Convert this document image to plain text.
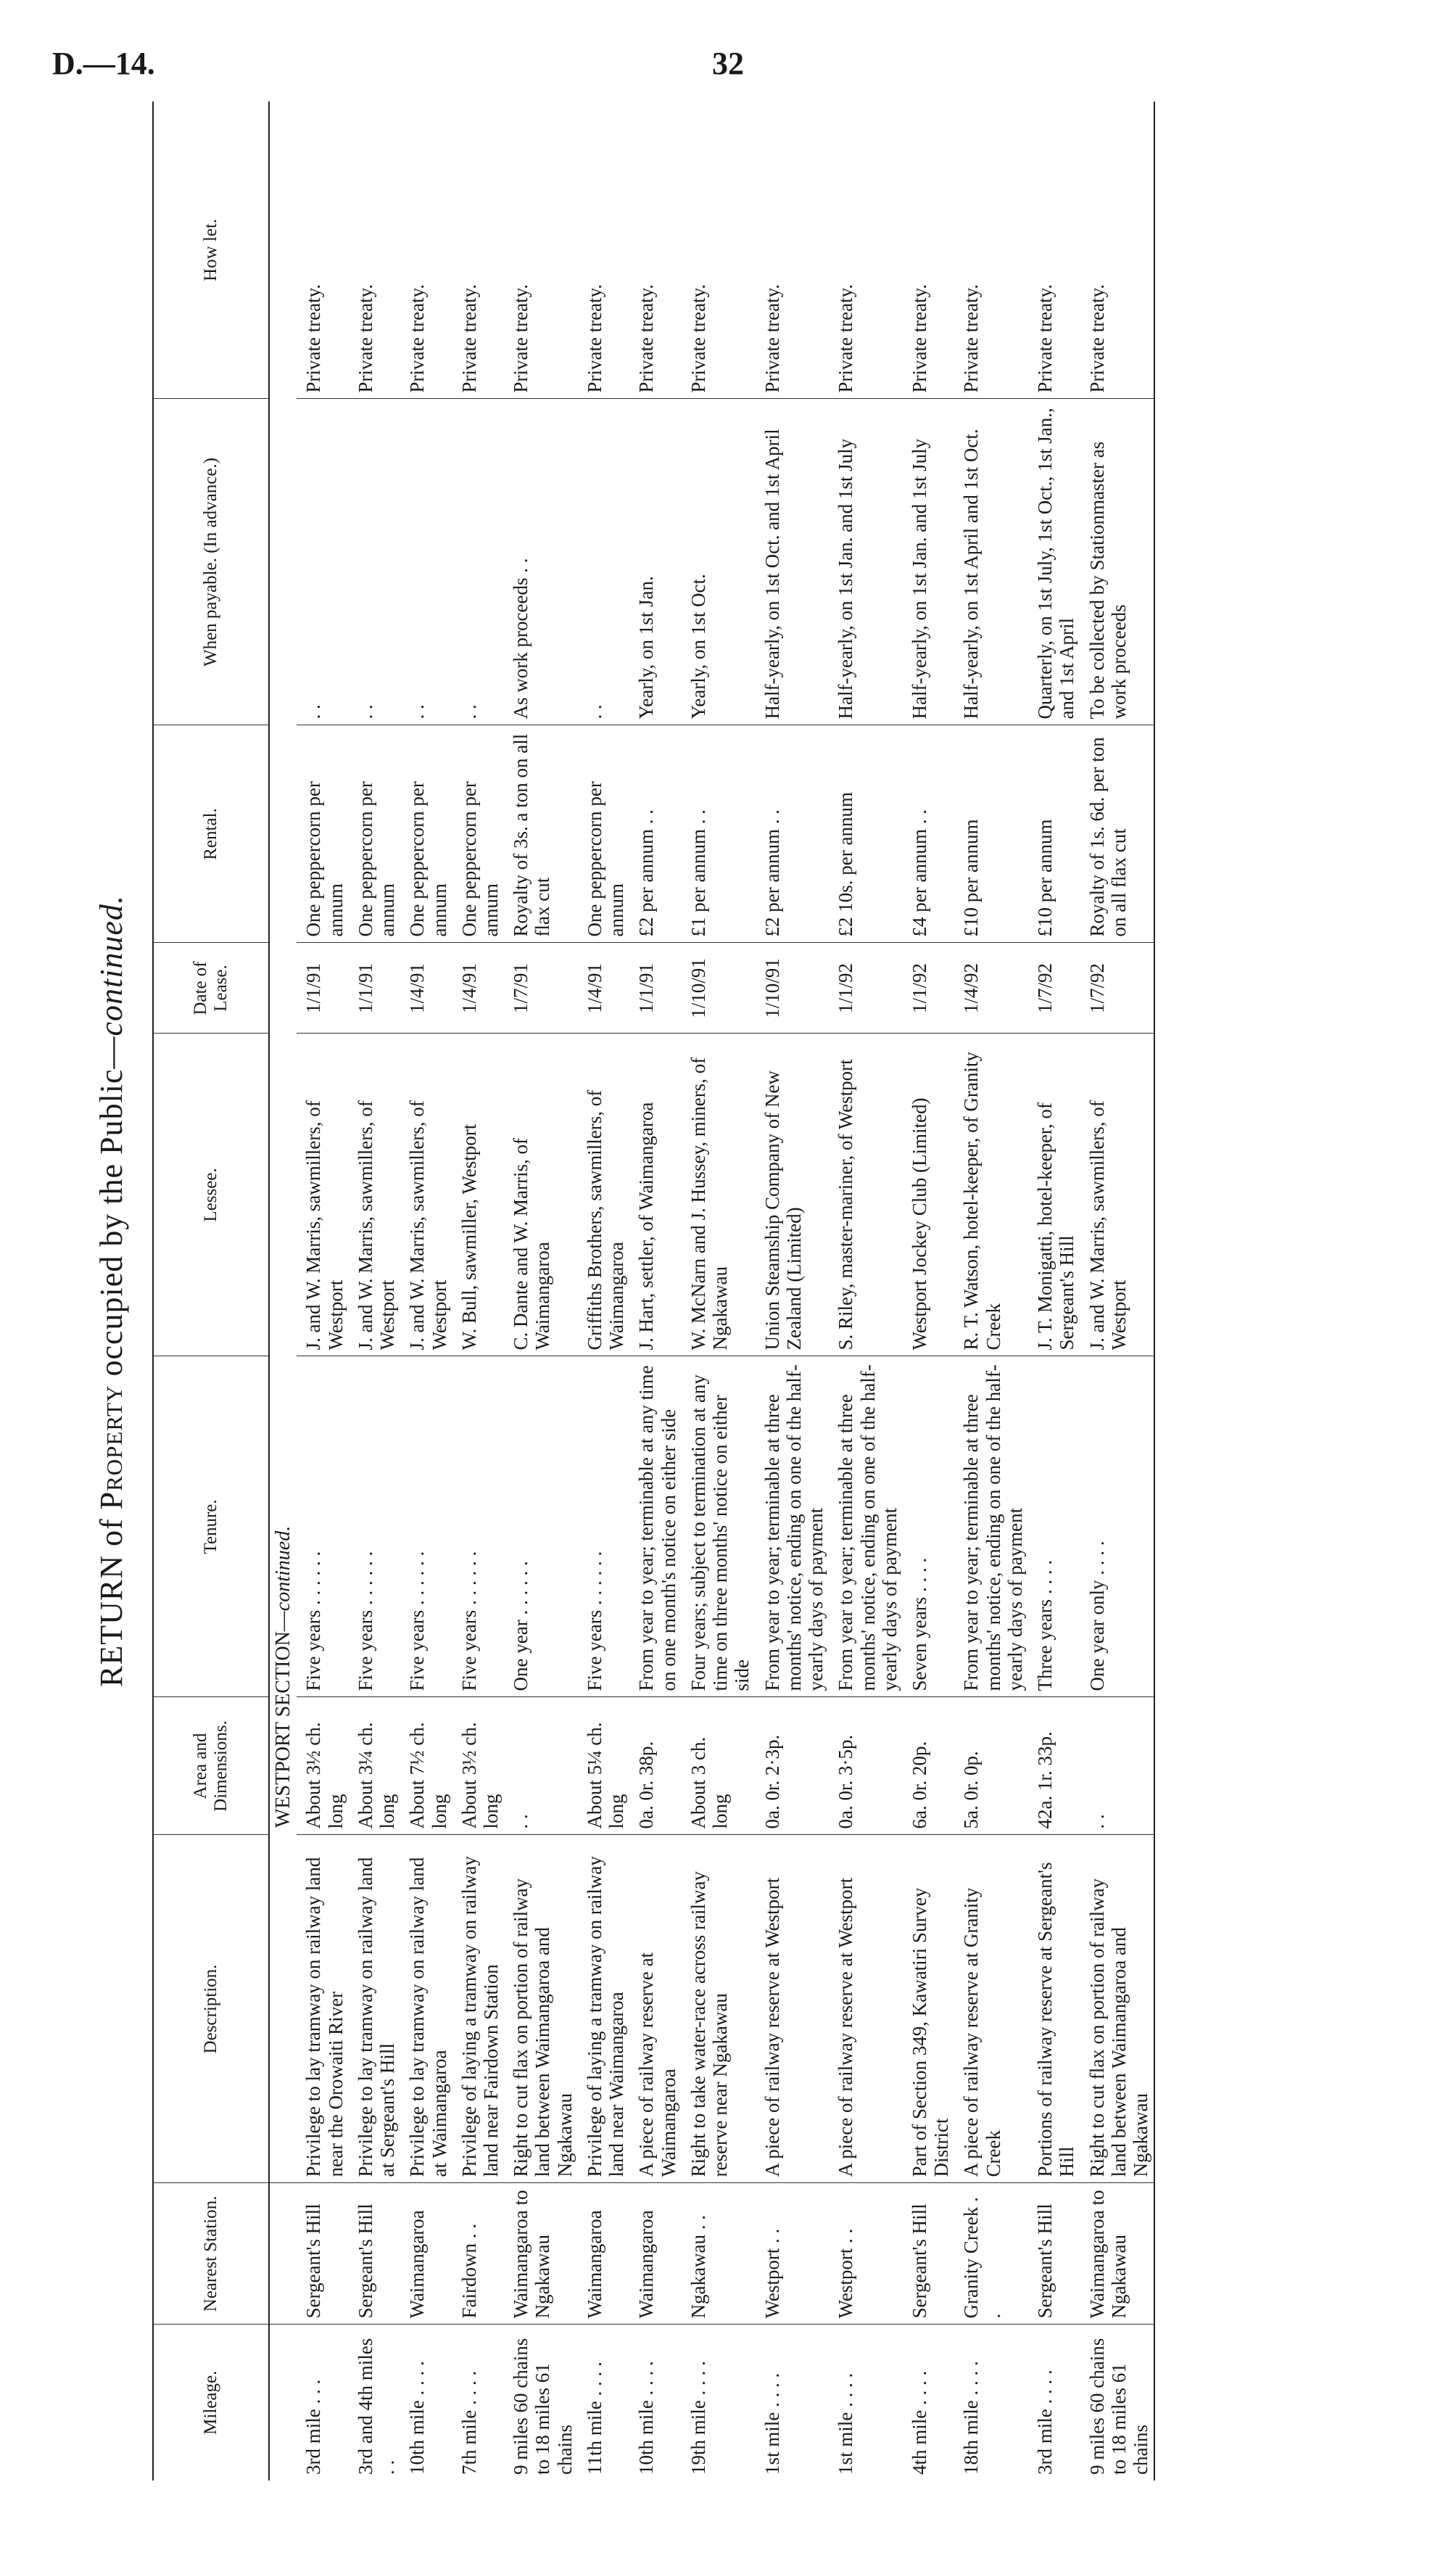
D.—14.	32
RETURN of Property occupied by the Public—continued.
Mileage.	Nearest Station.	Description.	Area and Dimensions.	Tenure.	Lessee.	Date of Lease.	Rental.	When payable. (In advance.)	How let.
			WESTPORT SECTION—continued.						
3rd mile . . .	Sergeant's Hill	Privilege to lay tramway on railway land near the Orowaiti River	About 3½ ch. long	Five years . . . . . .	J. and W. Marris, sawmillers, of Westport	1/1/91	One peppercorn per annum	. .	Private treaty.
3rd and 4th miles . .	Sergeant's Hill	Privilege to lay tramway on railway land at Sergeant's Hill	About 3¼ ch. long	Five years . . . . . .	J. and W. Marris, sawmillers, of Westport	1/1/91	One peppercorn per annum	. .	Private treaty.
10th mile . . . .	Waimangaroa	Privilege to lay tramway on railway land at Waimangaroa	About 7½ ch. long	Five years . . . . . .	J. and W. Marris, sawmillers, of Westport	1/4/91	One peppercorn per annum	. .	Private treaty.
7th mile . . . .	Fairdown . .	Privilege of laying a tramway on railway land near Fairdown Station	About 3½ ch. long	Five years . . . . . .	W. Bull, sawmiller, Westport	1/4/91	One peppercorn per annum	. .	Private treaty.
9 miles 60 chains to 18 miles 61 chains	Waimangaroa to Ngakawau	Right to cut flax on portion of railway land between Waimangaroa and Ngakawau	. .	One year . . . . . .	C. Dante and W. Marris, of Waimangaroa	1/7/91	Royalty of 3s. a ton on all flax cut	As work proceeds . .	Private treaty.
11th mile . . . .	Waimangaroa	Privilege of laying a tramway on railway land near Waimangaroa	About 5¼ ch. long	Five years . . . . . .	Griffiths Brothers, sawmillers, of Waimangaroa	1/4/91	One peppercorn per annum	. .	Private treaty.
10th mile . . . .	Waimangaroa	A piece of railway reserve at Waimangaroa	0a. 0r. 38p.	From year to year; terminable at any time on one month's notice on either side	J. Hart, settler, of Waimangaroa	1/1/91	£2 per annum . .	Yearly, on 1st Jan.	Private treaty.
19th mile . . . .	Ngakawau . .	Right to take water-race across railway reserve near Ngakawau	About 3 ch. long	Four years; subject to termination at any time on three months' notice on either side	W. McNarn and J. Hussey, miners, of Ngakawau	1/10/91	£1 per annum . .	Yearly, on 1st Oct.	Private treaty.
1st mile . . . .	Westport . .	A piece of railway reserve at Westport	0a. 0r. 2·3p.	From year to year; terminable at three months' notice, ending on one of the half-yearly days of payment	Union Steamship Company of New Zealand (Limited)	1/10/91	£2 per annum . .	Half-yearly, on 1st Oct. and 1st April	Private treaty.
1st mile . . . .	Westport . .	A piece of railway reserve at Westport	0a. 0r. 3·5p.	From year to year; terminable at three months' notice, ending on one of the half-yearly days of payment	S. Riley, master-mariner, of Westport	1/1/92	£2 10s. per annum	Half-yearly, on 1st Jan. and 1st July	Private treaty.
4th mile . . . .	Sergeant's Hill	Part of Section 349, Kawatiri Survey District	6a. 0r. 20p.	Seven years . . . .	Westport Jockey Club (Limited)	1/1/92	£4 per annum . .	Half-yearly, on 1st Jan. and 1st July	Private treaty.
18th mile . . . .	Granity Creek . .	A piece of railway reserve at Granity Creek	5a. 0r. 0p.	From year to year; terminable at three months' notice, ending on one of the half-yearly days of payment	R. T. Watson, hotel-keeper, of Granity Creek	1/4/92	£10 per annum	Half-yearly, on 1st April and 1st Oct.	Private treaty.
3rd mile . . . .	Sergeant's Hill	Portions of railway reserve at Sergeant's Hill	42a. 1r. 33p.	Three years . . . .	J. T. Monigatti, hotel-keeper, of Sergeant's Hill	1/7/92	£10 per annum	Quarterly, on 1st July, 1st Oct., 1st Jan., and 1st April	Private treaty.
9 miles 60 chains to 18 miles 61 chains	Waimangaroa to Ngakawau	Right to cut flax on portion of railway land between Waimangaroa and Ngakawau	. .	One year only . . . .	J. and W. Marris, sawmillers, of Westport	1/7/92	Royalty of 1s. 6d. per ton on all flax cut	To be collected by Stationmaster as work proceeds	Private treaty.
